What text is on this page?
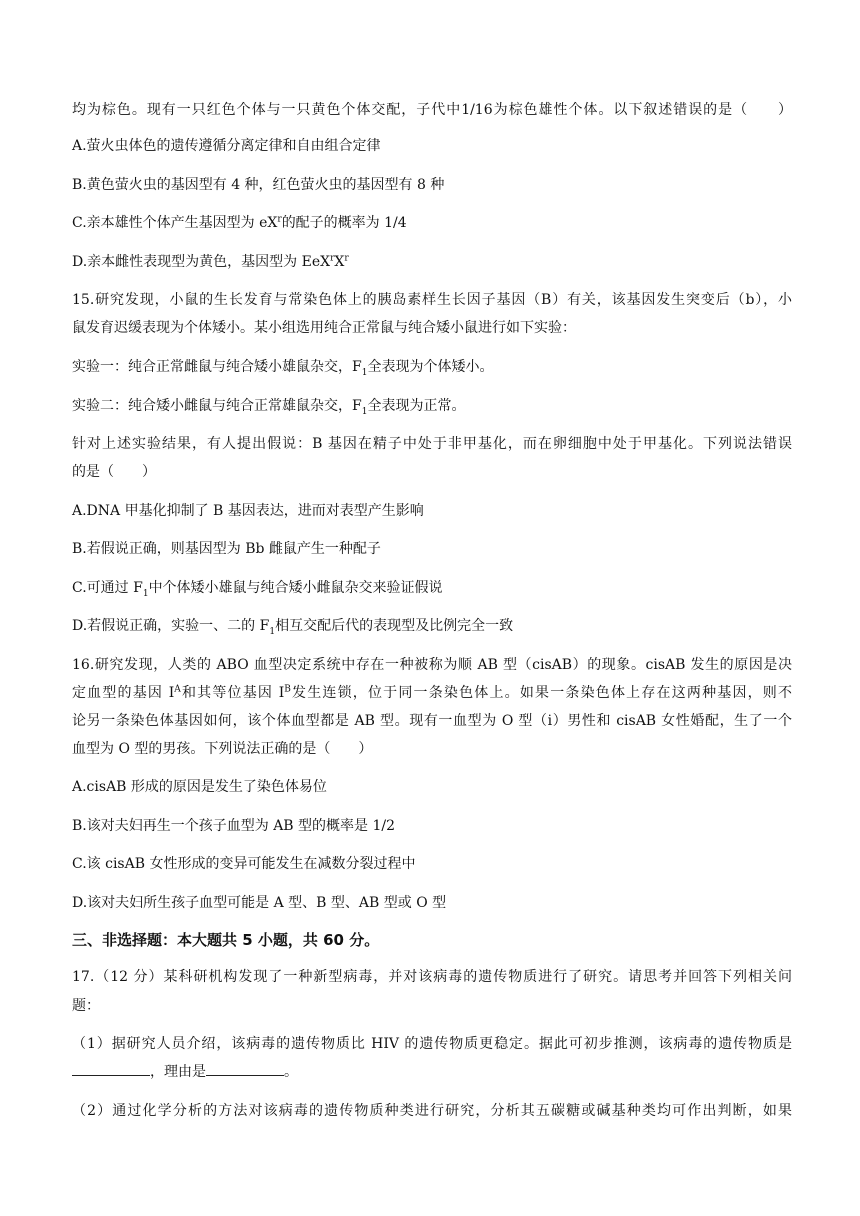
均为棕色。现有一只红色个体与一只黄色个体交配，子代中1/16为棕色雄性个体。以下叙述错误的是（　　）
A.萤火虫体色的遗传遵循分离定律和自由组合定律
B.黄色萤火虫的基因型有 4 种，红色萤火虫的基因型有 8 种
C.亲本雄性个体产生基因型为 $eX^r$的配子的概率为 1/4
D.亲本雌性表现型为黄色，基因型为 $EeX^rX^r$
15.研究发现，小鼠的生长发育与常染色体上的胰岛素样生长因子基因（B）有关，该基因发生突变后（b），小
鼠发育迟缓表现为个体矮小。某小组选用纯合正常鼠与纯合矮小鼠进行如下实验：
实验一：纯合正常雌鼠与纯合矮小雄鼠杂交，$F_1$全表现为个体矮小。
实验二：纯合矮小雌鼠与纯合正常雄鼠杂交，$F_1$全表现为正常。
针对上述实验结果，有人提出假说：B 基因在精子中处于非甲基化，而在卵细胞中处于甲基化。下列说法错误
的是（　　）
A.DNA 甲基化抑制了 B 基因表达，进而对表型产生影响
B.若假说正确，则基因型为 Bb 雌鼠产生一种配子
C.可通过 $F_1$中个体矮小雄鼠与纯合矮小雌鼠杂交来验证假说
D.若假说正确，实验一、二的 $F_1$相互交配后代的表现型及比例完全一致
16.研究发现，人类的 ABO 血型决定系统中存在一种被称为顺 AB 型（cisAB）的现象。cisAB 发生的原因是决
定血型的基因 $I^A$和其等位基因 $I^B$发生连锁，位于同一条染色体上。如果一条染色体上存在这两种基因，则不
论另一条染色体基因如何，该个体血型都是 AB 型。现有一血型为 O 型（i）男性和 cisAB 女性婚配，生了一个
血型为 O 型的男孩。下列说法正确的是（　　）
A.cisAB 形成的原因是发生了染色体易位
B.该对夫妇再生一个孩子血型为 AB 型的概率是 1/2
C.该 cisAB 女性形成的变异可能发生在减数分裂过程中
D.该对夫妇所生孩子血型可能是 A 型、B 型、AB 型或 O 型
三、非选择题：本大题共 5 小题，共 60 分。
17.（12 分）某科研机构发现了一种新型病毒，并对该病毒的遗传物质进行了研究。请思考并回答下列相关问
题：
（1）据研究人员介绍，该病毒的遗传物质比 HIV 的遗传物质更稳定。据此可初步推测，该病毒的遗传物质是
，理由是	。
（2）通过化学分析的方法对该病毒的遗传物质种类进行研究，分析其五碳糖或碱基种类均可作出判断，如果
